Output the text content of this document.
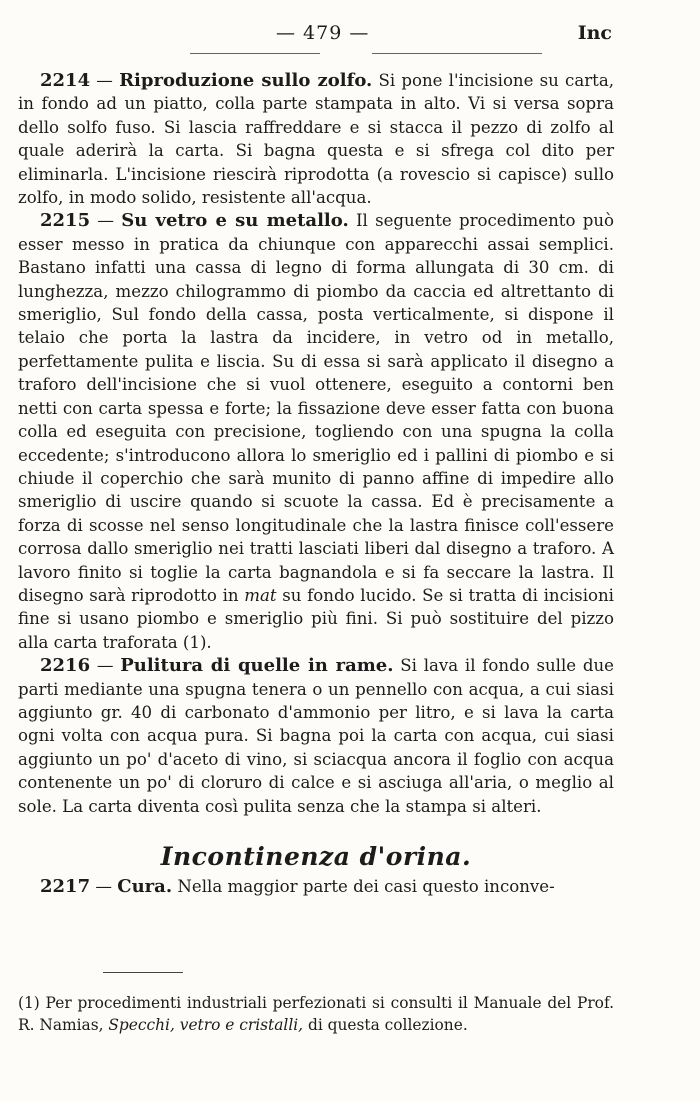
— 479 —	Inc

2214 — Riproduzione sullo zolfo. Si pone l'incisione su carta, in fondo ad un piatto, colla parte stampata in alto. Vi si versa sopra dello solfo fuso. Si lascia raffreddare e si stacca il pezzo di zolfo al quale aderirà la carta. Si bagna questa e si sfrega col dito per eliminarla. L'incisione riescirà riprodotta (a rovescio si capisce) sullo zolfo, in modo solido, resistente all'acqua.

2215 — Su vetro e su metallo. Il seguente procedimento può esser messo in pratica da chiunque con apparecchi assai semplici. Bastano infatti una cassa di legno di forma allungata di 30 cm. di lunghezza, mezzo chilogrammo di piombo da caccia ed altrettanto di smeriglio, Sul fondo della cassa, posta verticalmente, si dispone il telaio che porta la lastra da incidere, in vetro od in metallo, perfettamente pulita e liscia. Su di essa si sarà applicato il disegno a traforo dell'incisione che si vuol ottenere, eseguito a contorni ben netti con carta spessa e forte; la fissazione deve esser fatta con buona colla ed eseguita con precisione, togliendo con una spugna la colla eccedente; s'introducono allora lo smeriglio ed i pallini di piombo e si chiude il coperchio che sarà munito di panno affine di impedire allo smeriglio di uscire quando si scuote la cassa. Ed è precisamente a forza di scosse nel senso longitudinale che la lastra finisce coll'essere corrosa dallo smeriglio nei tratti lasciati liberi dal disegno a traforo. A lavoro finito si toglie la carta bagnandola e si fa seccare la lastra. Il disegno sarà riprodotto in mat su fondo lucido. Se si tratta di incisioni fine si usano piombo e smeriglio più fini. Si può sostituire del pizzo alla carta traforata (1).

2216 — Pulitura di quelle in rame. Si lava il fondo sulle due parti mediante una spugna tenera o un pennello con acqua, a cui siasi aggiunto gr. 40 di carbonato d'ammonio per litro, e si lava la carta ogni volta con acqua pura. Si bagna poi la carta con acqua, cui siasi aggiunto un po' d'aceto di vino, si sciacqua ancora il foglio con acqua contenente un po' di cloruro di calce e si asciuga all'aria, o meglio al sole. La carta diventa così pulita senza che la stampa si alteri.

Incontinenza d'orina.

2217 — Cura. Nella maggior parte dei casi questo inconve-

(1) Per procedimenti industriali perfezionati si consulti il Manuale del Prof. R. Namias, Specchi, vetro e cristalli, di questa collezione.
